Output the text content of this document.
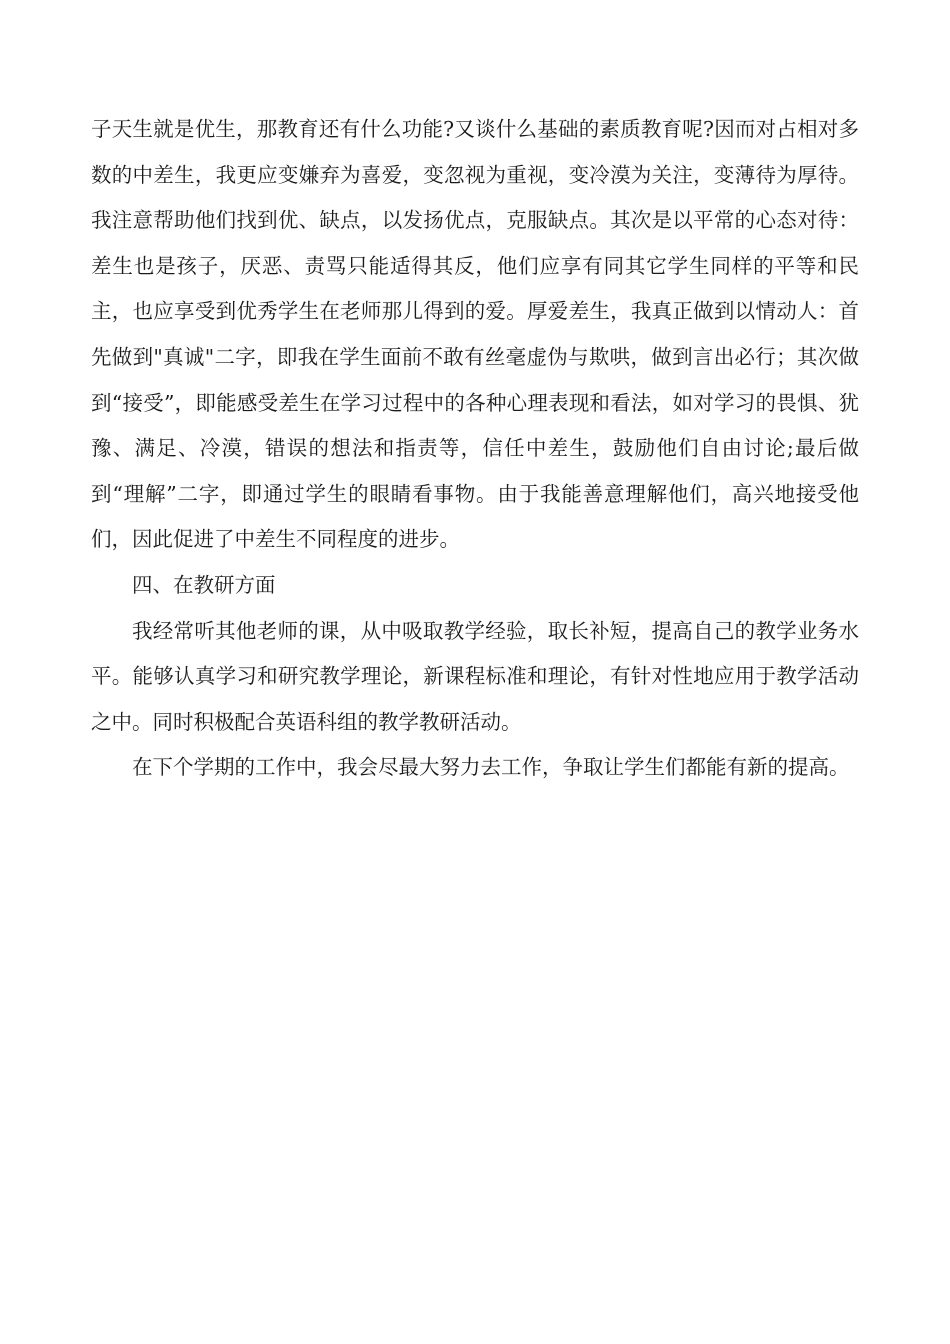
子天生就是优生，那教育还有什么功能?又谈什么基础的素质教育呢?因而对占相对多数的中差生，我更应变嫌弃为喜爱，变忽视为重视，变冷漠为关注，变薄待为厚待。我注意帮助他们找到优、缺点，以发扬优点，克服缺点。其次是以平常的心态对待：差生也是孩子，厌恶、责骂只能适得其反，他们应享有同其它学生同样的平等和民主，也应享受到优秀学生在老师那儿得到的爱。厚爱差生，我真正做到以情动人：首先做到"真诚"二字，即我在学生面前不敢有丝毫虚伪与欺哄，做到言出必行；其次做到“接受”，即能感受差生在学习过程中的各种心理表现和看法，如对学习的畏惧、犹豫、满足、冷漠，错误的想法和指责等，信任中差生，鼓励他们自由讨论;最后做到“理解”二字，即通过学生的眼睛看事物。由于我能善意理解他们，高兴地接受他们，因此促进了中差生不同程度的进步。

四、在教研方面

我经常听其他老师的课，从中吸取教学经验，取长补短，提高自己的教学业务水平。能够认真学习和研究教学理论，新课程标准和理论，有针对性地应用于教学活动之中。同时积极配合英语科组的教学教研活动。

在下个学期的工作中，我会尽最大努力去工作，争取让学生们都能有新的提高。
